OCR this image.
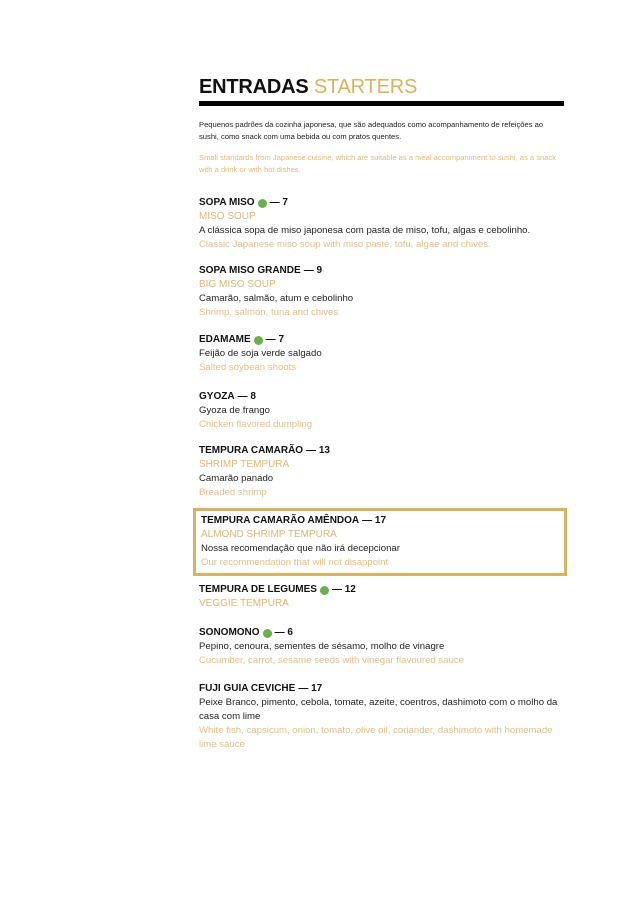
ENTRADAS STARTERS
Pequenos padrões da cozinha japonesa, que são adequados como acompanhamento de refeições ao sushi, como snack com uma bebida ou com pratos quentes.
Small standards from Japanese cuisine, which are suitable as a meal accompaniment to sushi, as a snack with a drink or with hot dishes.
SOPA MISO — 7
MISO SOUP
A clássica sopa de miso japonesa com pasta de miso, tofu, algas e cebolinho.
Classic Japanese miso soup with miso paste, tofu, algae and chives.
SOPA MISO GRANDE — 9
BIG MISO SOUP
Camarão, salmão, atum e cebolinho
Shrimp, salmon, tuna and chives
EDAMAME — 7
Feijão de soja verde salgado
Salted soybean shoots
GYOZA — 8
Gyoza de frango
Chicken flavored dumpling
TEMPURA CAMARÃO — 13
SHRIMP TEMPURA
Camarão panado
Breaded shrimp
TEMPURA CAMARÃO AMÊNDOA — 17
ALMOND SHRIMP TEMPURA
Nossa recomendação que não irá decepcionar
Our recommendation that will not disappoint
TEMPURA DE LEGUMES — 12
VEGGIE TEMPURA
SONOMONO — 6
Pepino, cenoura, sementes de sésamo, molho de vinagre
Cucumber, carrot, sesame seeds with vinegar flavoured sauce
FUJI GUIA CEVICHE — 17
Peixe Branco, pimento, cebola, tomate, azeite, coentros, dashimoto com o molho da casa com lime
White fish, capsicum, onion, tomato, olive oil, coriander, dashimoto with homemade lime sauce
